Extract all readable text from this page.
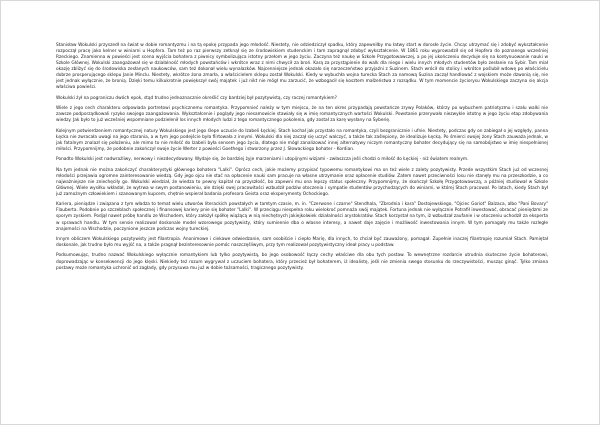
Stanisław Wokulski przyszedł na świat w dobie romantyzmu i na tą epokę przypada jego młodość. Niestety, nie odziedziczył spadku, który zapewniłby mu łatwy start w dorosłe życie. Chcąc utrzymać się i zdobyć wykształcenie rozpoczął pracę jako kelner w winiarni u Hopfera. Tam też po raz pierwszy zetknął się ze środowiskiem studenckim i tam zapragnął zdobyć wykształcenie. W 1861 roku wyprowadził się od Hopfera do poznanego wcześniej Rzeckiego. Znamienna w powieści jest scena wyjścia bohatera z piwnicy symbolizująca istotny przełom w jego życiu. Zaczyna też naukę w Szkole Przygotowawczej, a po jej ukończeniu decyduje się na kontynuowanie nauki w Szkole Głównej. Wokulski zaangażował się w działalność młodych powstańców i wkrótce wraz z nimi chwycił za broń. Karą za przystąpienie do walk dla niego i wielu innych młodych studentów było zesłanie na Sybir. Tam miał okazję zbliżyć się do środowiska zesłanych naukowców, sam też dokonał wielu wynalazków. Najcenniejsze jednak okazało się narzeczeństwo przyjaźni z Suzinem. Stach wrócił do stolicy i wkrótce poślubił wdowę po właścicielu dobrze prosperującego sklepu Janie Minclu. Niestety, wkrótce żona zmarła, a właścicielem sklepu został Wokulski. Kiedy w wybuchła wojna turecka Stach za namową Suzina zaczął handlować z wojskiem może dzwonią się, nie jest jednak wyłącznie, że bronią. Dzięki temu kilkukrotnie powiększył swój majątek i już nikt nie mógł mu zarzucić, że wzbogacił się kosztem małżeństwa z rozsądku. W tym momencie życiorysu Wokulskiego zaczyna się akcja właściwa powieści.

Wokulski żył na pograniczu dwóch epok, stąd trudno jednoznacznie określić czy bardziej był pozytywistą, czy raczej romantykiem?

Wiele z jego cech charakteru odpowiada portretowi psychicznemu romantyka. Przypomnieć należy w tym miejscu, że na ten okres przypadają powstańcze zrywy Polaków, którzy po wybuchem patriotyzmu i szału walki nie zawsze podporządkowali ryzyko swojego zaangażowania. Wykształcenie i poglądy jego niesamowicie stawiały się w imię romantycznych wartości Wokulski. Powstanie przerywało niezwykle istotny w jego życiu etap zdobywania wiedzy. Jak było to już wcześniej wspomniane podzielenił los innych młodych ludzi z tego romantycznego pokolenia, gdy został za karę wysłany na Syberię.

Kolejnym potwierdzeniem romantycznej natury Wokulskiego jest jego ślepe uczucie do Izabeli Łęckiej. Stach kochał jak przystało na romantyka, czyli bezgranicznie i ufnie. Niestety, podczas gdy on zabiegał o jej względy, panna Łęcka nie zwracała uwagi na jego starania, a w tym jego podejście była flirtowała z innymi. Wokulski dla niej zaczął się uczyć walczyć, a także tak zaślepiony, że idealizuje Łęcką. Po śmierci swojej żony Stach zauważa jednak, w jak fatalnym znalazł się położeniu, ale mimo to nie miłość do Izabeli była sensem jego życia, dlatego nie mógł zanalizować innej alternatywy niczym romantyczny bohater decydujący się na samobójstwo w imię niespełnionej miłości. Przypomnijmy, że podobnie zakończył swoje życie Werter z powieści Goethego i stworzony przez J. Słowackiego bohater - Kordian.

Ponadto Wokulski jest nadwrażliwy, nerwowy i niezdecydowany. Wydaje się, że bardziej żyje marzeniami i utopijnymi wizjami - zwłaszcza jeśli chodzi o miłość do Łęckiej - niż światem realnym.

Na tym jednak nie można zakończyć charakterystyki głównego bohatera "Lalki". Oprócz cech, jakie możemy przypisać typowemu romantykowi ma on też wiele z zalety pozytywisty. Przede wszystkim Stach już od wczesnej młodości przejawia ogromne zainteresowanie wiedzą. Gdy jego ojcu nie stać na opłacenie nauki sam pracuje na własne utrzymanie oraz opłacenie studiów. Zatem nawet przeciwności losu nie stanęły mu na przeszkodzie, a co najważniejsze nie zniechęciły go. Wokulski wiedział, że wiedza to pewny kapitał na przyszłość, bo zapewni mu ona lepszy status społeczny. Przypomnijmy, że skończył Szkołę Przygotowawczą, a później studiował w Szkole Głównej. Wiele wysiłku wkładał, że wytrwa w swym postanowieniu, ale dzięki swej pracowitości wzbudził podziw otoczenia i sympatie studentów przychodzących do winiarni, w której Stach pracował. Po latach, kiedy Stach był już zamożnym człowiekiem i szanowanym kupcem, chętnie wspierał badania profesora Geista oraz eksperymenty Ochockiego.

Kariera, pieniądze i związana z tym władza to temat wielu utworów literackich powstałych w tamtym czasie, m. in. "Czerwone i czarne" Stendhala, "Zbrodnia i kara" Dostojewskiego, "Ojciec Goriot" Balzaca, albo "Pani Bovary" Flauberta. Podobnie po szczeblach społecznej i finansowej kariery pnie się bohater "Lalki". W przeciągu niespełna roku wielokroć pomnaża swój majątek. Fortuna jednak nie wyłącznie Potrafił inwestować, obracać pieniędzmi ze sporym zyskiem. Podjął nawet próbę handlu ze Wschodem, który założył spółkę wiążącą w nią niechętnych jakiejkolwiek działalności arystokratów. Stach korzystał na tym, iż wzbudzał zaufanie i w otoczeniu uchodził za eksperta w sprawach handlu. W tym sensie realizował doskonale model wzorowego pozytywisty, który sumiennie dba o własne interesy, a nawet daje zajęcie i możliwość inwestowania innym. W tym pomagały mu także rozległe znajomości na Wschodzie, poczynione jeszcze podczas wojny tureckiej.

Innym obliczem Wokulskiego pozytywisty jest filantropia. Anonimowe i ciekawe odwiedzanie, sam osobiście i ciepło Marię, dla innych, to chciał być zauważony, pomagał. Zupełnie inaczej filantropię rozumiał Stach. Pamiętał doskonale, jak trudno było mu wyjść na, a także pragnął bezinteresownie pomóc naszczęśliwym, przy tym realizował pozytywistyczny ideał pracy u podstaw.

Podsumowując, trudno nazwać Wokulskiego wyłącznie romantykiem lub tylko pozytywistą, bo jego osobowość łączy cechy właściwe dla obu tych postaw. To wewnętrzne rozdarcie utrudnia skuteczne życie bohaterowi, doprowadzając w konsekwencji do jego klęski. Niekiedy też rozum wygrywał z uczuciem bohatera, który przecież był bohaterem, iż idealistę, jeśli nie zmienia swego stosunku do rzeczywistości, musząc ginąć. Tylko zmiana postawy może romantyka uchronić od zagłady, gdy przysuwa mu już w dobie tożsamości, tragicznego pozytywisty.
